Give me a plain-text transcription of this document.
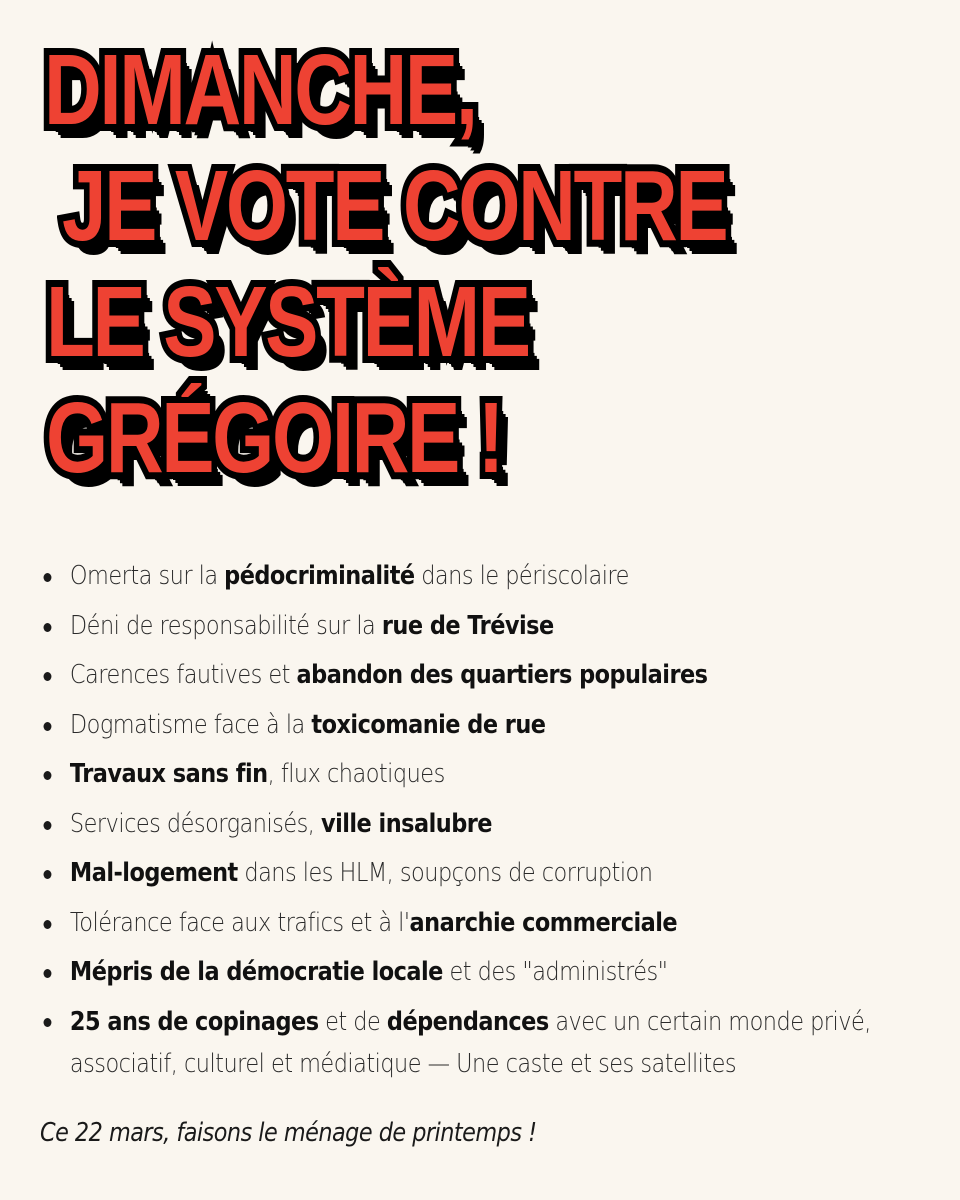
DIMANCHE,
JE VOTE CONTRE
LE SYSTÈME
GRÉGOIRE !
Omerta sur la pédocriminalité dans le périscolaire
Déni de responsabilité sur la rue de Trévise
Carences fautives et abandon des quartiers populaires
Dogmatisme face à la toxicomanie de rue
Travaux sans fin, flux chaotiques
Services désorganisés, ville insalubre
Mal-logement dans les HLM, soupçons de corruption
Tolérance face aux trafics et à l'anarchie commerciale
Mépris de la démocratie locale et des "administrés"
25 ans de copinages et de dépendances avec un certain monde privé, associatif, culturel et médiatique — Une caste et ses satellites

Ce 22 mars, faisons le ménage de printemps !
